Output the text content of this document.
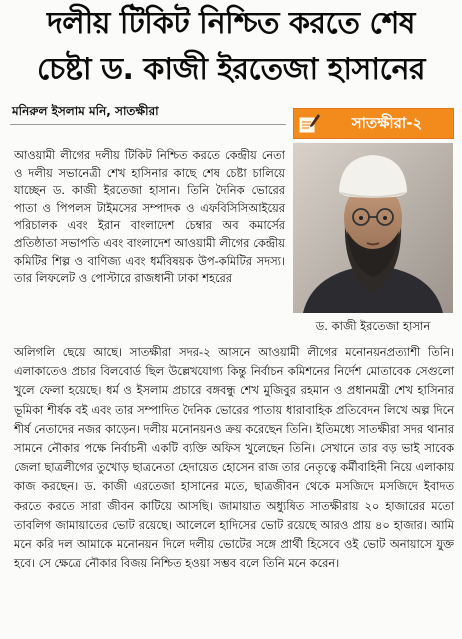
দলীয় টিকিট নিশ্চিত করতে শেষ
চেষ্টা ড. কাজী ইরতেজা হাসানের
মনিরুল ইসলাম মনি, সাতক্ষীরা
সাতক্ষীরা-২
ড. কাজী ইরতেজা হাসান

আওয়ামী লীগের দলীয় টিকিট নিশ্চিত করতে কেন্দ্রীয় নেতা ও দলীয় সভানেত্রী শেখ হাসিনার কাছে শেষ চেষ্টা চালিয়ে যাচ্ছেন ড. কাজী ইরতেজা হাসান। তিনি দৈনিক ভোরের পাতা ও পিপলস টাইমসের সম্পাদক ও এফবিসিসিআইয়ের পরিচালক এবং ইরান বাংলাদেশ চেম্বার অব কমার্সের প্রতিষ্ঠাতা সভাপতি এবং বাংলাদেশ আওয়ামী লীগের কেন্দ্রীয় কমিটির শিল্প ও বাণিজ্য এবং ধর্মবিষয়ক উপ-কমিটির সদস্য। তার লিফলেট ও পোস্টারে রাজধানী ঢাকা শহরের

অলিগলি ছেয়ে আছে। সাতক্ষীরা সদর-২ আসনে আওয়ামী লীগের মনোনয়নপ্রত্যাশী তিনি। এলাকাতেও প্রচার বিলবোর্ড ছিল উল্লেখযোগ্য কিন্তু নির্বাচন কমিশনের নির্দেশ মোতাবেক সেগুলো খুলে ফেলা হয়েছে। ধর্ম ও ইসলাম প্রচারে বঙ্গবন্ধু শেখ মুজিবুর রহমান ও প্রধানমন্ত্রী শেখ হাসিনার ভূমিকা শীর্ষক বই এবং তার সম্পাদিত দৈনিক ভোরের পাতায় ধারাবাহিক প্রতিবেদন লিখে অল্প দিনে শীর্ষ নেতাদের নজর কাড়েন। দলীয় মনোনয়নও ক্রয় করেছেন তিনি। ইতিমধ্যে সাতক্ষীরা সদর থানার সামনে নৌকার পক্ষে নির্বাচনী একটি ব্যক্তি অফিস খুলেছেন তিনি। সেখানে তার বড় ভাই সাবেক জেলা ছাত্রলীগের তুখোড় ছাত্রনেতা হেদায়েত হোসেন রাজ তার নেতৃত্বে কর্মীবাহিনী নিয়ে এলাকায় কাজ করছেন। ড. কাজী এরতেজা হাসানের মতে, ছাত্রজীবন থেকে মসজিদে মসজিদে ইবাদত করতে করতে সারা জীবন কাটিয়ে আসছি। জামায়াত অধ্যুষিত সাতক্ষীরায় ২০ হাজারের মতো তাবলিগ জামায়াতের ভোট রয়েছে। আলেলে হাদিসের ভোট রয়েছে আরও প্রায় ৪০ হাজার। আমি মনে করি দল আমাকে মনোনয়ন দিলে দলীয় ভোটের সঙ্গে প্রার্থী হিসেবে ওই ভোট অনায়াসে যুক্ত হবে। সে ক্ষেত্রে নৌকার বিজয় নিশ্চিত হওয়া সম্ভব বলে তিনি মনে করেন।
